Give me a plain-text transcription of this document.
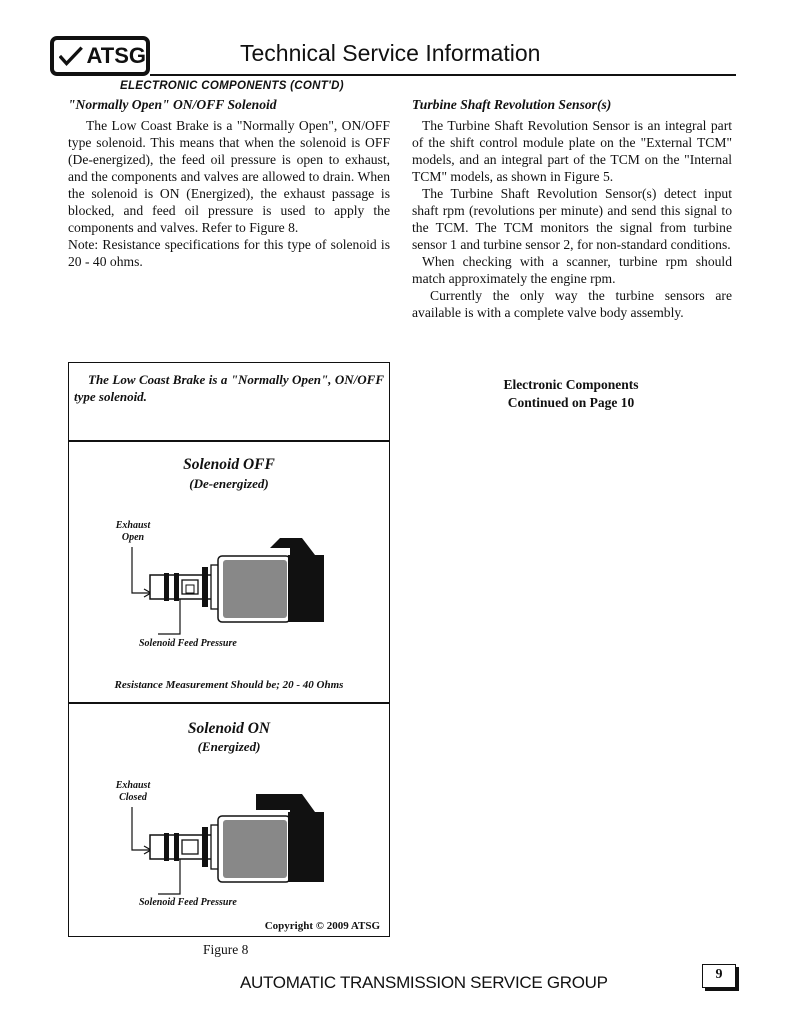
ATSG	Technical Service Information
ELECTRONIC COMPONENTS (CONT'D)
"Normally Open" ON/OFF Solenoid

The Low Coast Brake is a "Normally Open", ON/OFF type solenoid. This means that when the solenoid is OFF (De-energized), the feed oil pressure is open to exhaust, and the components and valves are allowed to drain. When the solenoid is ON (Energized), the exhaust passage is blocked, and feed oil pressure is used to apply the components and valves. Refer to Figure 8.

Note: Resistance specifications for this type of solenoid is 20 - 40 ohms.

Turbine Shaft Revolution Sensor(s)

The Turbine Shaft Revolution Sensor is an integral part of the shift control module plate on the "External TCM" models, and an integral part of the TCM on the "Internal TCM" models, as shown in Figure 5.

The Turbine Shaft Revolution Sensor(s) detect input shaft rpm (revolutions per minute) and send this signal to the TCM. The TCM monitors the signal from turbine sensor 1 and turbine sensor 2, for non-standard conditions.

When checking with a scanner, turbine rpm should match approximately the engine rpm.

Currently the only way the turbine sensors are available is with a complete valve body assembly.

Electronic Components
Continued on Page 10
The Low Coast Brake is a "Normally Open", ON/OFF type solenoid.
Solenoid OFF
(De-energized)
Exhaust
Open
Solenoid Feed Pressure
Resistance Measurement Should be; 20 - 40 Ohms
Solenoid ON
(Energized)
Exhaust
Closed
Solenoid Feed Pressure
Copyright © 2009 ATSG
Figure 8
AUTOMATIC TRANSMISSION SERVICE GROUP	9
